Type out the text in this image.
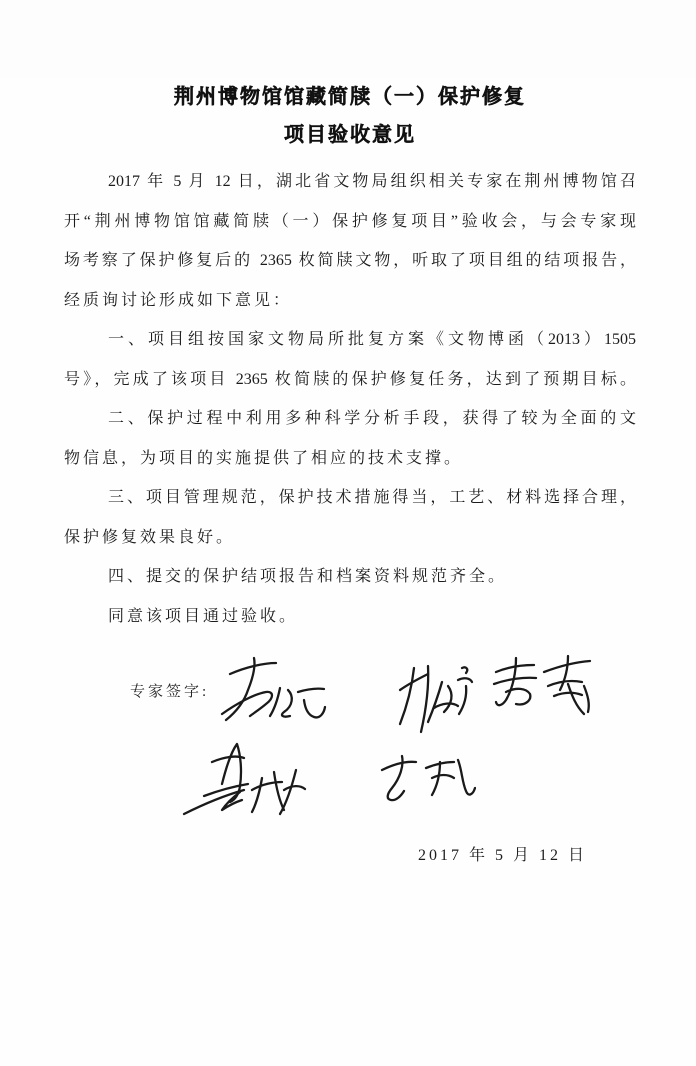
荆州博物馆馆藏简牍（一）保护修复
项目验收意见
2017 年 5 月 12 日，湖北省文物局组织相关专家在荆州博物馆召
开“荆州博物馆馆藏简牍（一）保护修复项目”验收会，与会专家现
场考察了保护修复后的 2365 枚简牍文物，听取了项目组的结项报告，
经质询讨论形成如下意见：
一、项目组按国家文物局所批复方案《文物博函（2013）1505
号》，完成了该项目 2365 枚简牍的保护修复任务，达到了预期目标。
二、保护过程中利用多种科学分析手段，获得了较为全面的文
物信息，为项目的实施提供了相应的技术支撑。
三、项目管理规范，保护技术措施得当，工艺、材料选择合理，
保护修复效果良好。
四、提交的保护结项报告和档案资料规范齐全。
同意该项目通过验收。
专家签字:
2017 年 5 月 12 日
